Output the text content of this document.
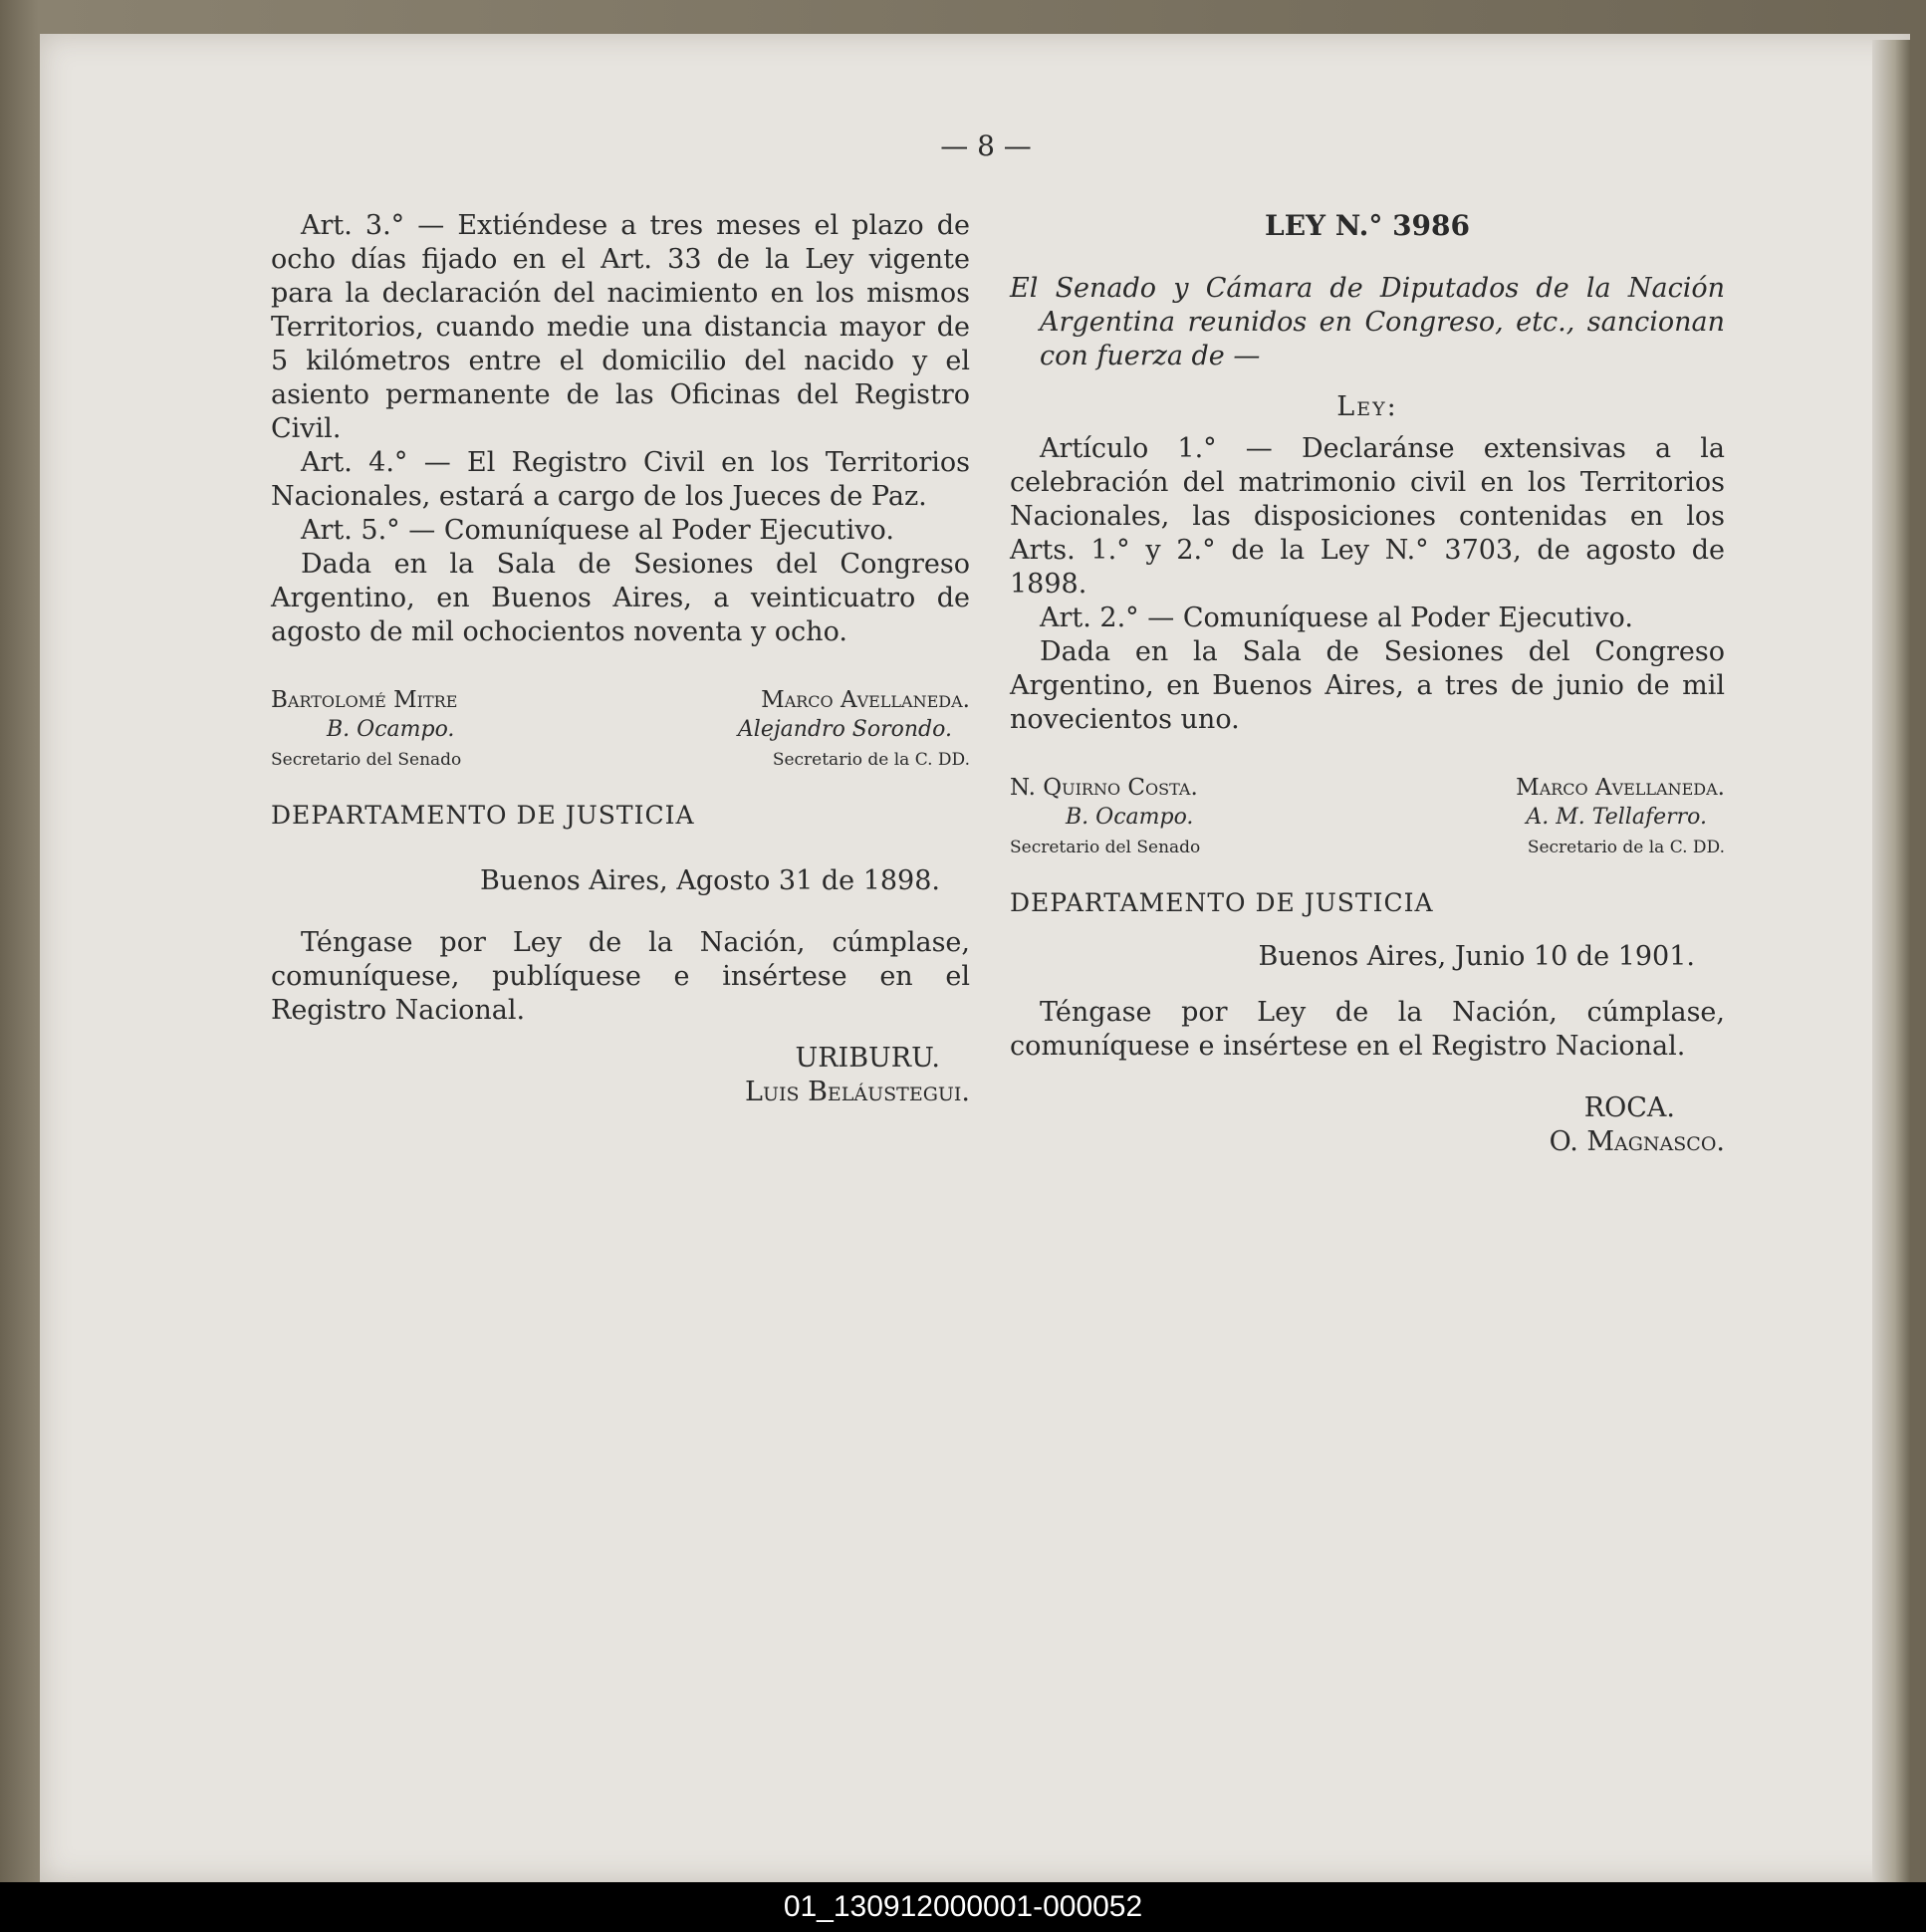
— 8 —

Art. 3.° — Extiéndese a tres meses el plazo de ocho días fijado en el Art. 33 de la Ley vigente para la declaración del nacimiento en los mismos Territorios, cuando medie una distancia mayor de 5 kilómetros entre el domicilio del nacido y el asiento permanente de las Oficinas del Registro Civil.

Art. 4.° — El Registro Civil en los Territorios Nacionales, estará a cargo de los Jueces de Paz.

Art. 5.° — Comuníquese al Poder Ejecutivo.

Dada en la Sala de Sesiones del Congreso Argentino, en Buenos Aires, a veinticuatro de agosto de mil ochocientos noventa y ocho.

Bartolomé Mitre
B. Ocampo.
Secretario del Senado
Marco Avellaneda.
Alejandro Sorondo.
Secretario de la C. DD.

DEPARTAMENTO DE JUSTICIA

Buenos Aires, Agosto 31 de 1898.

Téngase por Ley de la Nación, cúmplase, comuníquese, publíquese e insértese en el Registro Nacional.

URIBURU.
Luis Beláustegui.

LEY N.° 3986

El Senado y Cámara de Diputados de la Nación Argentina reunidos en Congreso, etc., sancionan con fuerza de —

Ley:

Artículo 1.° — Declaránse extensivas a la celebración del matrimonio civil en los Territorios Nacionales, las disposiciones contenidas en los Arts. 1.° y 2.° de la Ley N.° 3703, de agosto de 1898.

Art. 2.° — Comuníquese al Poder Ejecutivo.

Dada en la Sala de Sesiones del Congreso Argentino, en Buenos Aires, a tres de junio de mil novecientos uno.

N. Quirno Costa.
B. Ocampo.
Secretario del Senado
Marco Avellaneda.
A. M. Tellaferro.
Secretario de la C. DD.

DEPARTAMENTO DE JUSTICIA

Buenos Aires, Junio 10 de 1901.

Téngase por Ley de la Nación, cúmplase, comuníquese e insértese en el Registro Nacional.

ROCA.
O. Magnasco.
01_130912000001-000052
